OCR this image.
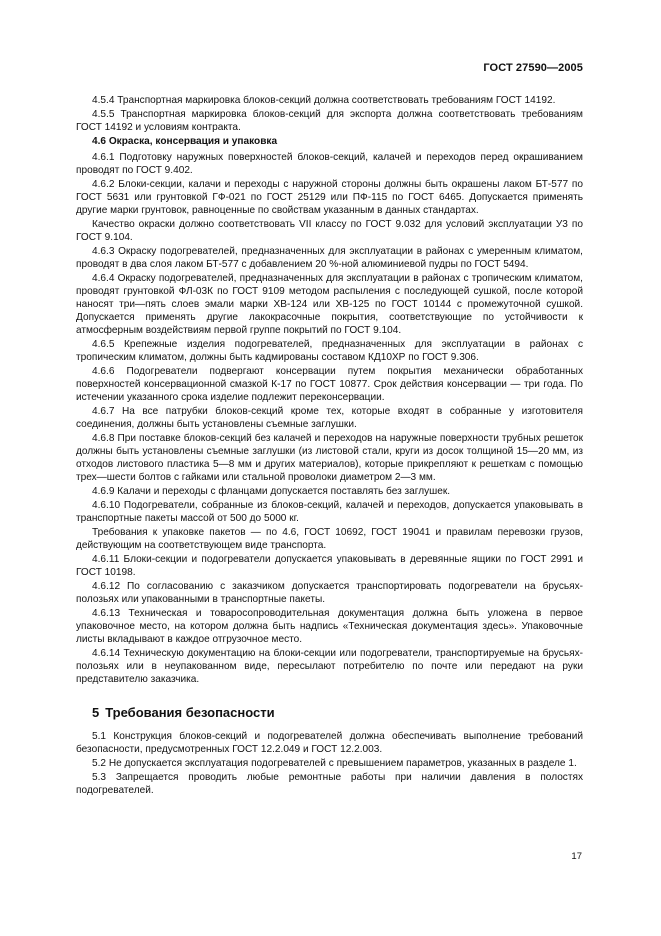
ГОСТ 27590—2005
4.5.4 Транспортная маркировка блоков-секций должна соответствовать требованиям ГОСТ 14192.
4.5.5 Транспортная маркировка блоков-секций для экспорта должна соответствовать требованиям ГОСТ 14192 и условиям контракта.
4.6 Окраска, консервация и упаковка
4.6.1 Подготовку наружных поверхностей блоков-секций, калачей и переходов перед окрашиванием проводят по ГОСТ 9.402.
4.6.2 Блоки-секции, калачи и переходы с наружной стороны должны быть окрашены лаком БТ-577 по ГОСТ 5631 или грунтовкой ГФ-021 по ГОСТ 25129 или ПФ-115 по ГОСТ 6465. Допускается применять другие марки грунтовок, равноценные по свойствам указанным в данных стандартах.
Качество окраски должно соответствовать VII классу по ГОСТ 9.032 для условий эксплуатации У3 по ГОСТ 9.104.
4.6.3 Окраску подогревателей, предназначенных для эксплуатации в районах с умеренным климатом, проводят в два слоя лаком БТ-577 с добавлением 20 %-ной алюминиевой пудры по ГОСТ 5494.
4.6.4 Окраску подогревателей, предназначенных для эксплуатации в районах с тропическим климатом, проводят грунтовкой ФЛ-03К по ГОСТ 9109 методом распыления с последующей сушкой, после которой наносят три—пять слоев эмали марки ХВ-124 или ХВ-125 по ГОСТ 10144 с промежуточной сушкой. Допускается применять другие лакокрасочные покрытия, соответствующие по устойчивости к атмосферным воздействиям первой группе покрытий по ГОСТ 9.104.
4.6.5 Крепежные изделия подогревателей, предназначенных для эксплуатации в районах с тропическим климатом, должны быть кадмированы составом КД10ХР по ГОСТ 9.306.
4.6.6 Подогреватели подвергают консервации путем покрытия механически обработанных поверхностей консервационной смазкой К-17 по ГОСТ 10877. Срок действия консервации — три года. По истечении указанного срока изделие подлежит переконсервации.
4.6.7 На все патрубки блоков-секций кроме тех, которые входят в собранные у изготовителя соединения, должны быть установлены съемные заглушки.
4.6.8 При поставке блоков-секций без калачей и переходов на наружные поверхности трубных решеток должны быть установлены съемные заглушки (из листовой стали, круги из досок толщиной 15—20 мм, из отходов листового пластика 5—8 мм и других материалов), которые прикрепляют к решеткам с помощью трех—шести болтов с гайками или стальной проволоки диаметром 2—3 мм.
4.6.9 Калачи и переходы с фланцами допускается поставлять без заглушек.
4.6.10 Подогреватели, собранные из блоков-секций, калачей и переходов, допускается упаковывать в транспортные пакеты массой от 500 до 5000 кг.
Требования к упаковке пакетов — по 4.6, ГОСТ 10692, ГОСТ 19041 и правилам перевозки грузов, действующим на соответствующем виде транспорта.
4.6.11 Блоки-секции и подогреватели допускается упаковывать в деревянные ящики по ГОСТ 2991 и ГОСТ 10198.
4.6.12 По согласованию с заказчиком допускается транспортировать подогреватели на брусьях-полозьях или упакованными в транспортные пакеты.
4.6.13 Техническая и товаросопроводительная документация должна быть уложена в первое упаковочное место, на котором должна быть надпись «Техническая документация здесь». Упаковочные листы вкладывают в каждое отгрузочное место.
4.6.14 Техническую документацию на блоки-секции или подогреватели, транспортируемые на брусьях-полозьях или в неупакованном виде, пересылают потребителю по почте или передают на руки представителю заказчика.
5 Требования безопасности
5.1 Конструкция блоков-секций и подогревателей должна обеспечивать выполнение требований безопасности, предусмотренных ГОСТ 12.2.049 и ГОСТ 12.2.003.
5.2 Не допускается эксплуатация подогревателей с превышением параметров, указанных в разделе 1.
5.3 Запрещается проводить любые ремонтные работы при наличии давления в полостях подогревателей.
17
